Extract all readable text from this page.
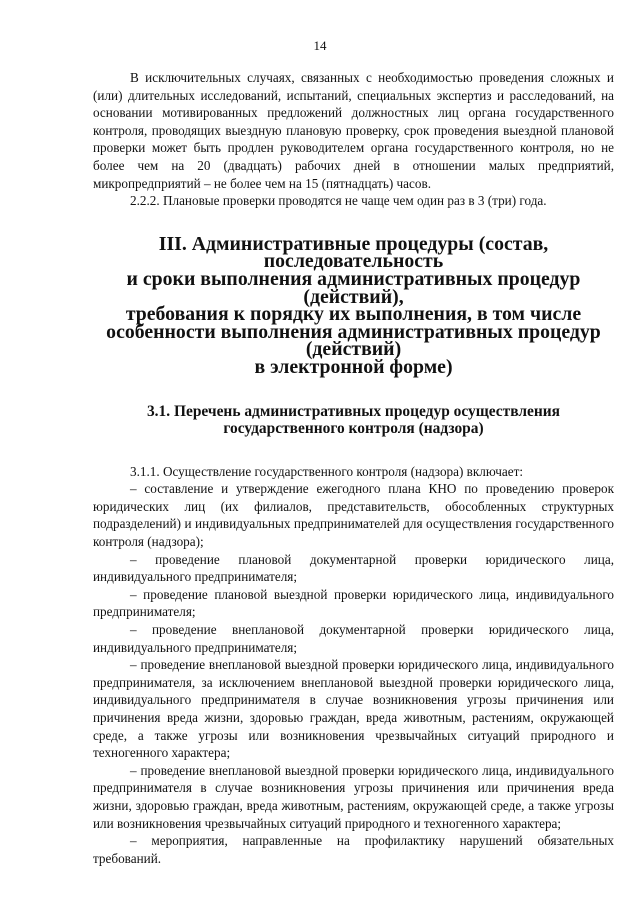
14

В исключительных случаях, связанных с необходимостью проведения сложных и (или) длительных исследований, испытаний, специальных экспертиз и расследований, на основании мотивированных предложений должностных лиц органа государственного контроля, проводящих выездную плановую проверку, срок проведения выездной плановой проверки может быть продлен руководителем органа государственного контроля, но не более чем на 20 (двадцать) рабочих дней в отношении малых предприятий, микропредприятий – не более чем на 15 (пятнадцать) часов.

2.2.2. Плановые проверки проводятся не чаще чем один раз в 3 (три) года.

III. Административные процедуры (состав, последовательность
и сроки выполнения административных процедур (действий),
требования к порядку их выполнения, в том числе
особенности выполнения административных процедур (действий)
в электронной форме)
3.1. Перечень административных процедур осуществления
государственного контроля (надзора)

3.1.1. Осуществление государственного контроля (надзора) включает:

– составление и утверждение ежегодного плана КНО по проведению проверок юридических лиц (их филиалов, представительств, обособленных структурных подразделений) и индивидуальных предпринимателей для осуществления государственного контроля (надзора);

– проведение плановой документарной проверки юридического лица, индивидуального предпринимателя;

– проведение плановой выездной проверки юридического лица, индивидуального предпринимателя;

– проведение внеплановой документарной проверки юридического лица, индивидуального предпринимателя;

– проведение внеплановой выездной проверки юридического лица, индивидуального предпринимателя, за исключением внеплановой выездной проверки юридического лица, индивидуального предпринимателя в случае возникновения угрозы причинения или причинения вреда жизни, здоровью граждан, вреда животным, растениям, окружающей среде, а также угрозы или возникновения чрезвычайных ситуаций природного и техногенного характера;

– проведение внеплановой выездной проверки юридического лица, индивидуального предпринимателя в случае возникновения угрозы причинения или причинения вреда жизни, здоровью граждан, вреда животным, растениям, окружающей среде, а также угрозы или возникновения чрезвычайных ситуаций природного и техногенного характера;

– мероприятия, направленные на профилактику нарушений обязательных требований.
